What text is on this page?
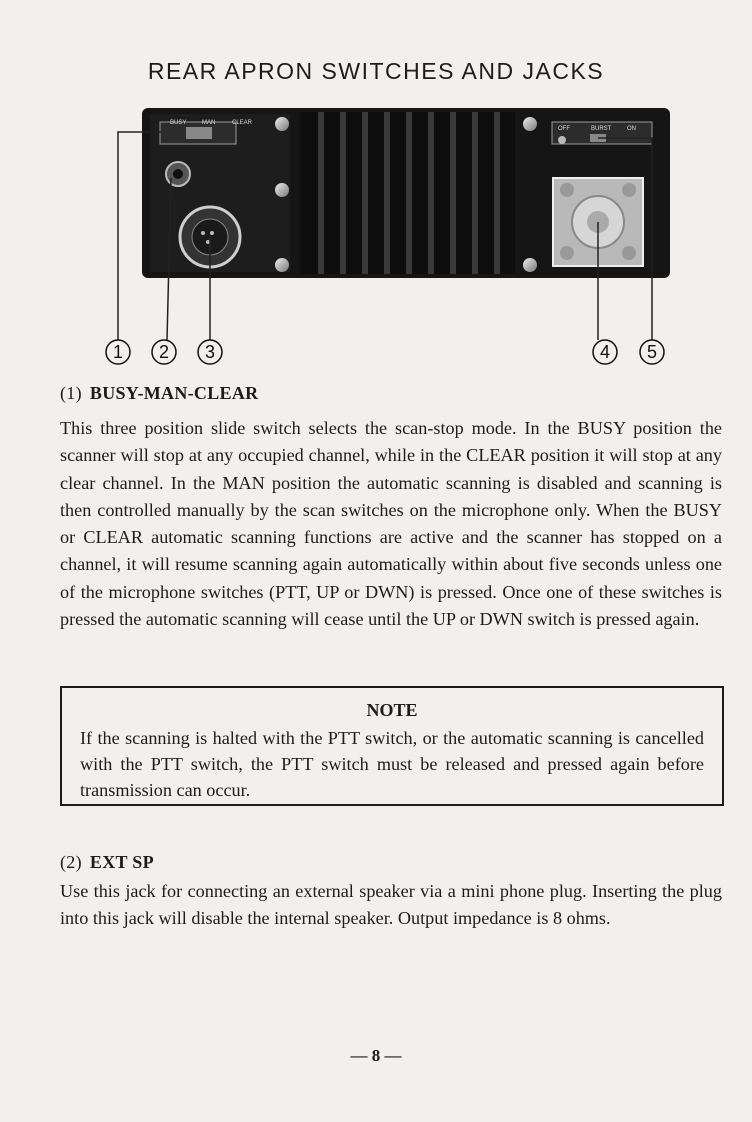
REAR APRON SWITCHES AND JACKS
BUSY	MAN	CLEAR
OFF	BURST	ON
1 2 3	4 5
(1) BUSY-MAN-CLEAR

This three position slide switch selects the scan-stop mode. In the BUSY position the scanner will stop at any occupied channel, while in the CLEAR position it will stop at any clear channel. In the MAN position the automatic scanning is disabled and scanning is then controlled manually by the scan switches on the microphone only. When the BUSY or CLEAR automatic scanning functions are active and the scanner has stopped on a channel, it will resume scanning again automatically within about five seconds unless one of the microphone switches (PTT, UP or DWN) is pressed. Once one of these switches is pressed the automatic scanning will cease until the UP or DWN switch is pressed again.

NOTE
If the scanning is halted with the PTT switch, or the automatic scanning is cancelled with the PTT switch, the PTT switch must be released and pressed again before transmission can occur.
(2) EXT SP

Use this jack for connecting an external speaker via a mini phone plug. Inserting the plug into this jack will disable the internal speaker. Output impedance is 8 ohms.

— 8 —
